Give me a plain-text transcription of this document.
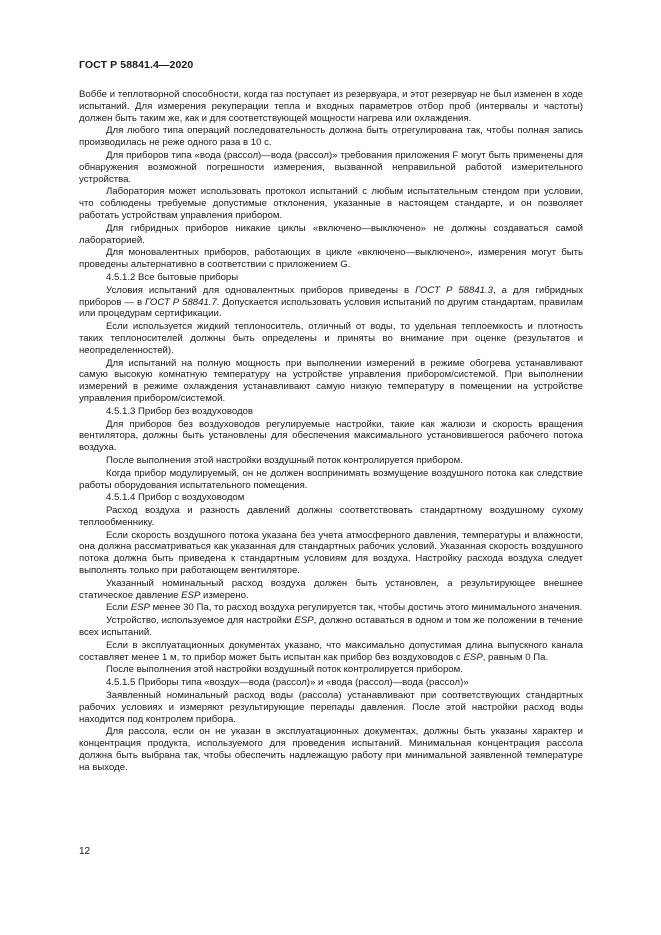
ГОСТ Р 58841.4—2020

Bоббе и теплотворной способности, когда газ поступает из резервуара, и этот резервуар не был изменен в ходе испытаний. Для измерения рекуперации тепла и входных параметров отбор проб (интервалы и частоты) должен быть таким же, как и для соответствующей мощности нагрева или охлаждения.

Для любого типа операций последовательность должна быть отрегулирована так, чтобы полная запись производилась не реже одного раза в 10 с.

Для приборов типа «вода (рассол)—вода (рассол)» требования приложения F могут быть применены для обнаружения возможной погрешности измерения, вызванной неправильной работой измерительного устройства.

Лаборатория может использовать протокол испытаний с любым испытательным стендом при условии, что соблюдены требуемые допустимые отклонения, указанные в настоящем стандарте, и он позволяет работать устройствам управления прибором.

Для гибридных приборов никакие циклы «включено—выключено» не должны создаваться самой лабораторией.

Для моновалентных приборов, работающих в цикле «включено—выключено», измерения могут быть проведены альтернативно в соответствии с приложением G.

4.5.1.2 Все бытовые приборы

Условия испытаний для одновалентных приборов приведены в ГОСТ Р 58841.3, а для гибридных приборов — в ГОСТ Р 58841.7. Допускается использовать условия испытаний по другим стандартам, правилам или процедурам сертификации.

Если используется жидкий теплоноситель, отличный от воды, то удельная теплоемкость и плотность таких теплоносителей должны быть определены и приняты во внимание при оценке (результатов и неопределенностей).

Для испытаний на полную мощность при выполнении измерений в режиме обогрева устанавливают самую высокую комнатную температуру на устройстве управления прибором/системой. При выполнении измерений в режиме охлаждения устанавливают самую низкую температуру в помещении на устройстве управления прибором/системой.

4.5.1.3 Прибор без воздуховодов

Для приборов без воздуховодов регулируемые настройки, такие как жалюзи и скорость вращения вентилятора, должны быть установлены для обеспечения максимального установившегося рабочего потока воздуха.

После выполнения этой настройки воздушный поток контролируется прибором.

Когда прибор модулируемый, он не должен воспринимать возмущение воздушного потока как следствие работы оборудования испытательного помещения.

4.5.1.4 Прибор с воздуховодом

Расход воздуха и разность давлений должны соответствовать стандартному воздушному сухому теплообменнику.

Если скорость воздушного потока указана без учета атмосферного давления, температуры и влажности, она должна рассматриваться как указанная для стандартных рабочих условий. Указанная скорость воздушного потока должна быть приведена к стандартным условиям для воздуха. Настройку расхода воздуха следует выполнять только при работающем вентиляторе.

Указанный номинальный расход воздуха должен быть установлен, а результирующее внешнее статическое давление ESP измерено.

Если ESP менее 30 Па, то расход воздуха регулируется так, чтобы достичь этого минимального значения.

Устройство, используемое для настройки ESP, должно оставаться в одном и том же положении в течение всех испытаний.

Если в эксплуатационных документах указано, что максимально допустимая длина выпускного канала составляет менее 1 м, то прибор может быть испытан как прибор без воздуховодов с ESP, равным 0 Па.

После выполнения этой настройки воздушный поток контролируется прибором.

4.5.1.5 Приборы типа «воздух—вода (рассол)» и «вода (рассол)—вода (рассол)»

Заявленный номинальный расход воды (рассола) устанавливают при соответствующих стандартных рабочих условиях и измеряют результирующие перепады давления. После этой настройки расход воды находится под контролем прибора.

Для рассола, если он не указан в эксплуатационных документах, должны быть указаны характер и концентрация продукта, используемого для проведения испытаний. Минимальная концентрация рассола должна быть выбрана так, чтобы обеспечить надлежащую работу при минимальной заявленной температуре на выходе.

12
